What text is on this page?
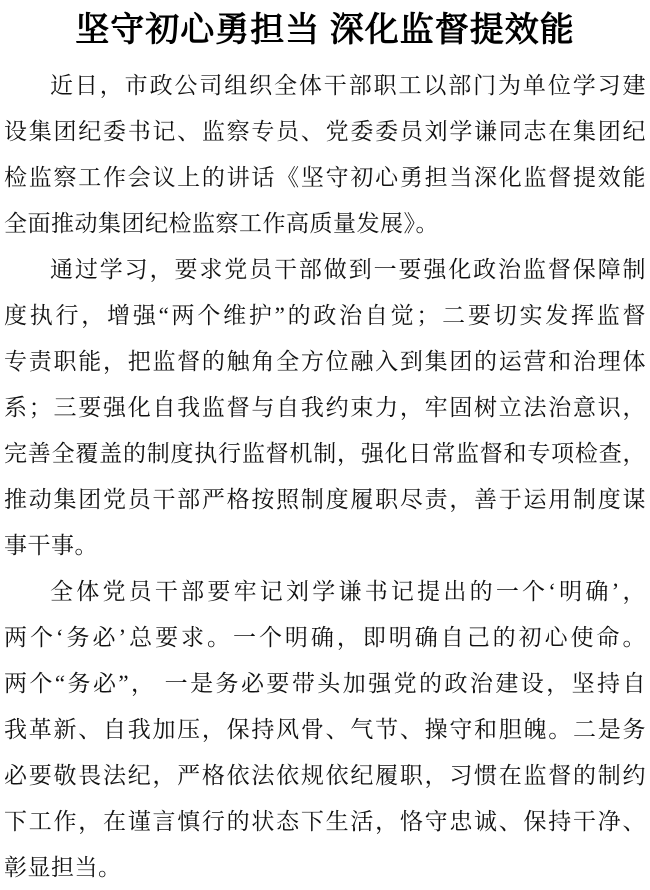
坚守初心勇担当 深化监督提效能
近日，市政公司组织全体干部职工以部门为单位学习建
设集团纪委书记、监察专员、党委委员刘学谦同志在集团纪
检监察工作会议上的讲话《坚守初心勇担当深化监督提效能
全面推动集团纪检监察工作高质量发展》。
通过学习，要求党员干部做到一要强化政治监督保障制
度执行，增强“两个维护”的政治自觉；二要切实发挥监督
专责职能，把监督的触角全方位融入到集团的运营和治理体
系；三要强化自我监督与自我约束力，牢固树立法治意识，
完善全覆盖的制度执行监督机制，强化日常监督和专项检查，
推动集团党员干部严格按照制度履职尽责，善于运用制度谋
事干事。
全体党员干部要牢记刘学谦书记提出的一个‘明确’，
两个‘务必’总要求。一个明确，即明确自己的初心使命。
两个“务必”， 一是务必要带头加强党的政治建设，坚持自
我革新、自我加压，保持风骨、气节、操守和胆魄。二是务
必要敬畏法纪，严格依法依规依纪履职，习惯在监督的制约
下工作，在谨言慎行的状态下生活，恪守忠诚、保持干净、
彰显担当。
